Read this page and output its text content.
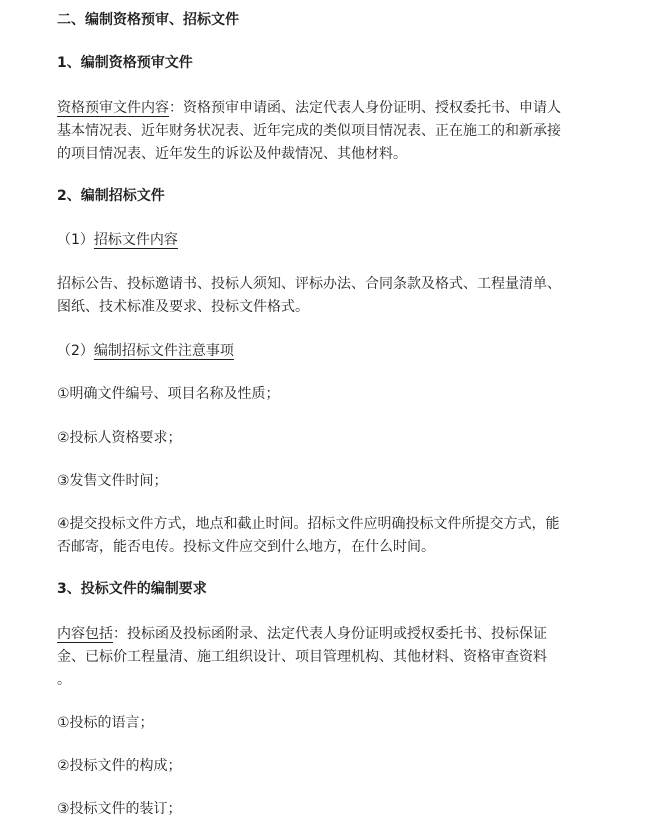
二、编制资格预审、招标文件
1、编制资格预审文件
资格预审文件内容：资格预审申请函、法定代表人身份证明、授权委托书、申请人
基本情况表、近年财务状况表、近年完成的类似项目情况表、正在施工的和新承接
的项目情况表、近年发生的诉讼及仲裁情况、其他材料。
2、编制招标文件
（1）招标文件内容
招标公告、投标邀请书、投标人须知、评标办法、合同条款及格式、工程量清单、
图纸、技术标准及要求、投标文件格式。
（2）编制招标文件注意事项
①明确文件编号、项目名称及性质；
②投标人资格要求；
③发售文件时间；
④提交投标文件方式，地点和截止时间。招标文件应明确投标文件所提交方式，能
否邮寄，能否电传。投标文件应交到什么地方，在什么时间。
3、投标文件的编制要求
内容包括：投标函及投标函附录、法定代表人身份证明或授权委托书、投标保证
金、已标价工程量清、施工组织设计、项目管理机构、其他材料、资格审查资料
。
①投标的语言；
②投标文件的构成；
③投标文件的装订；
